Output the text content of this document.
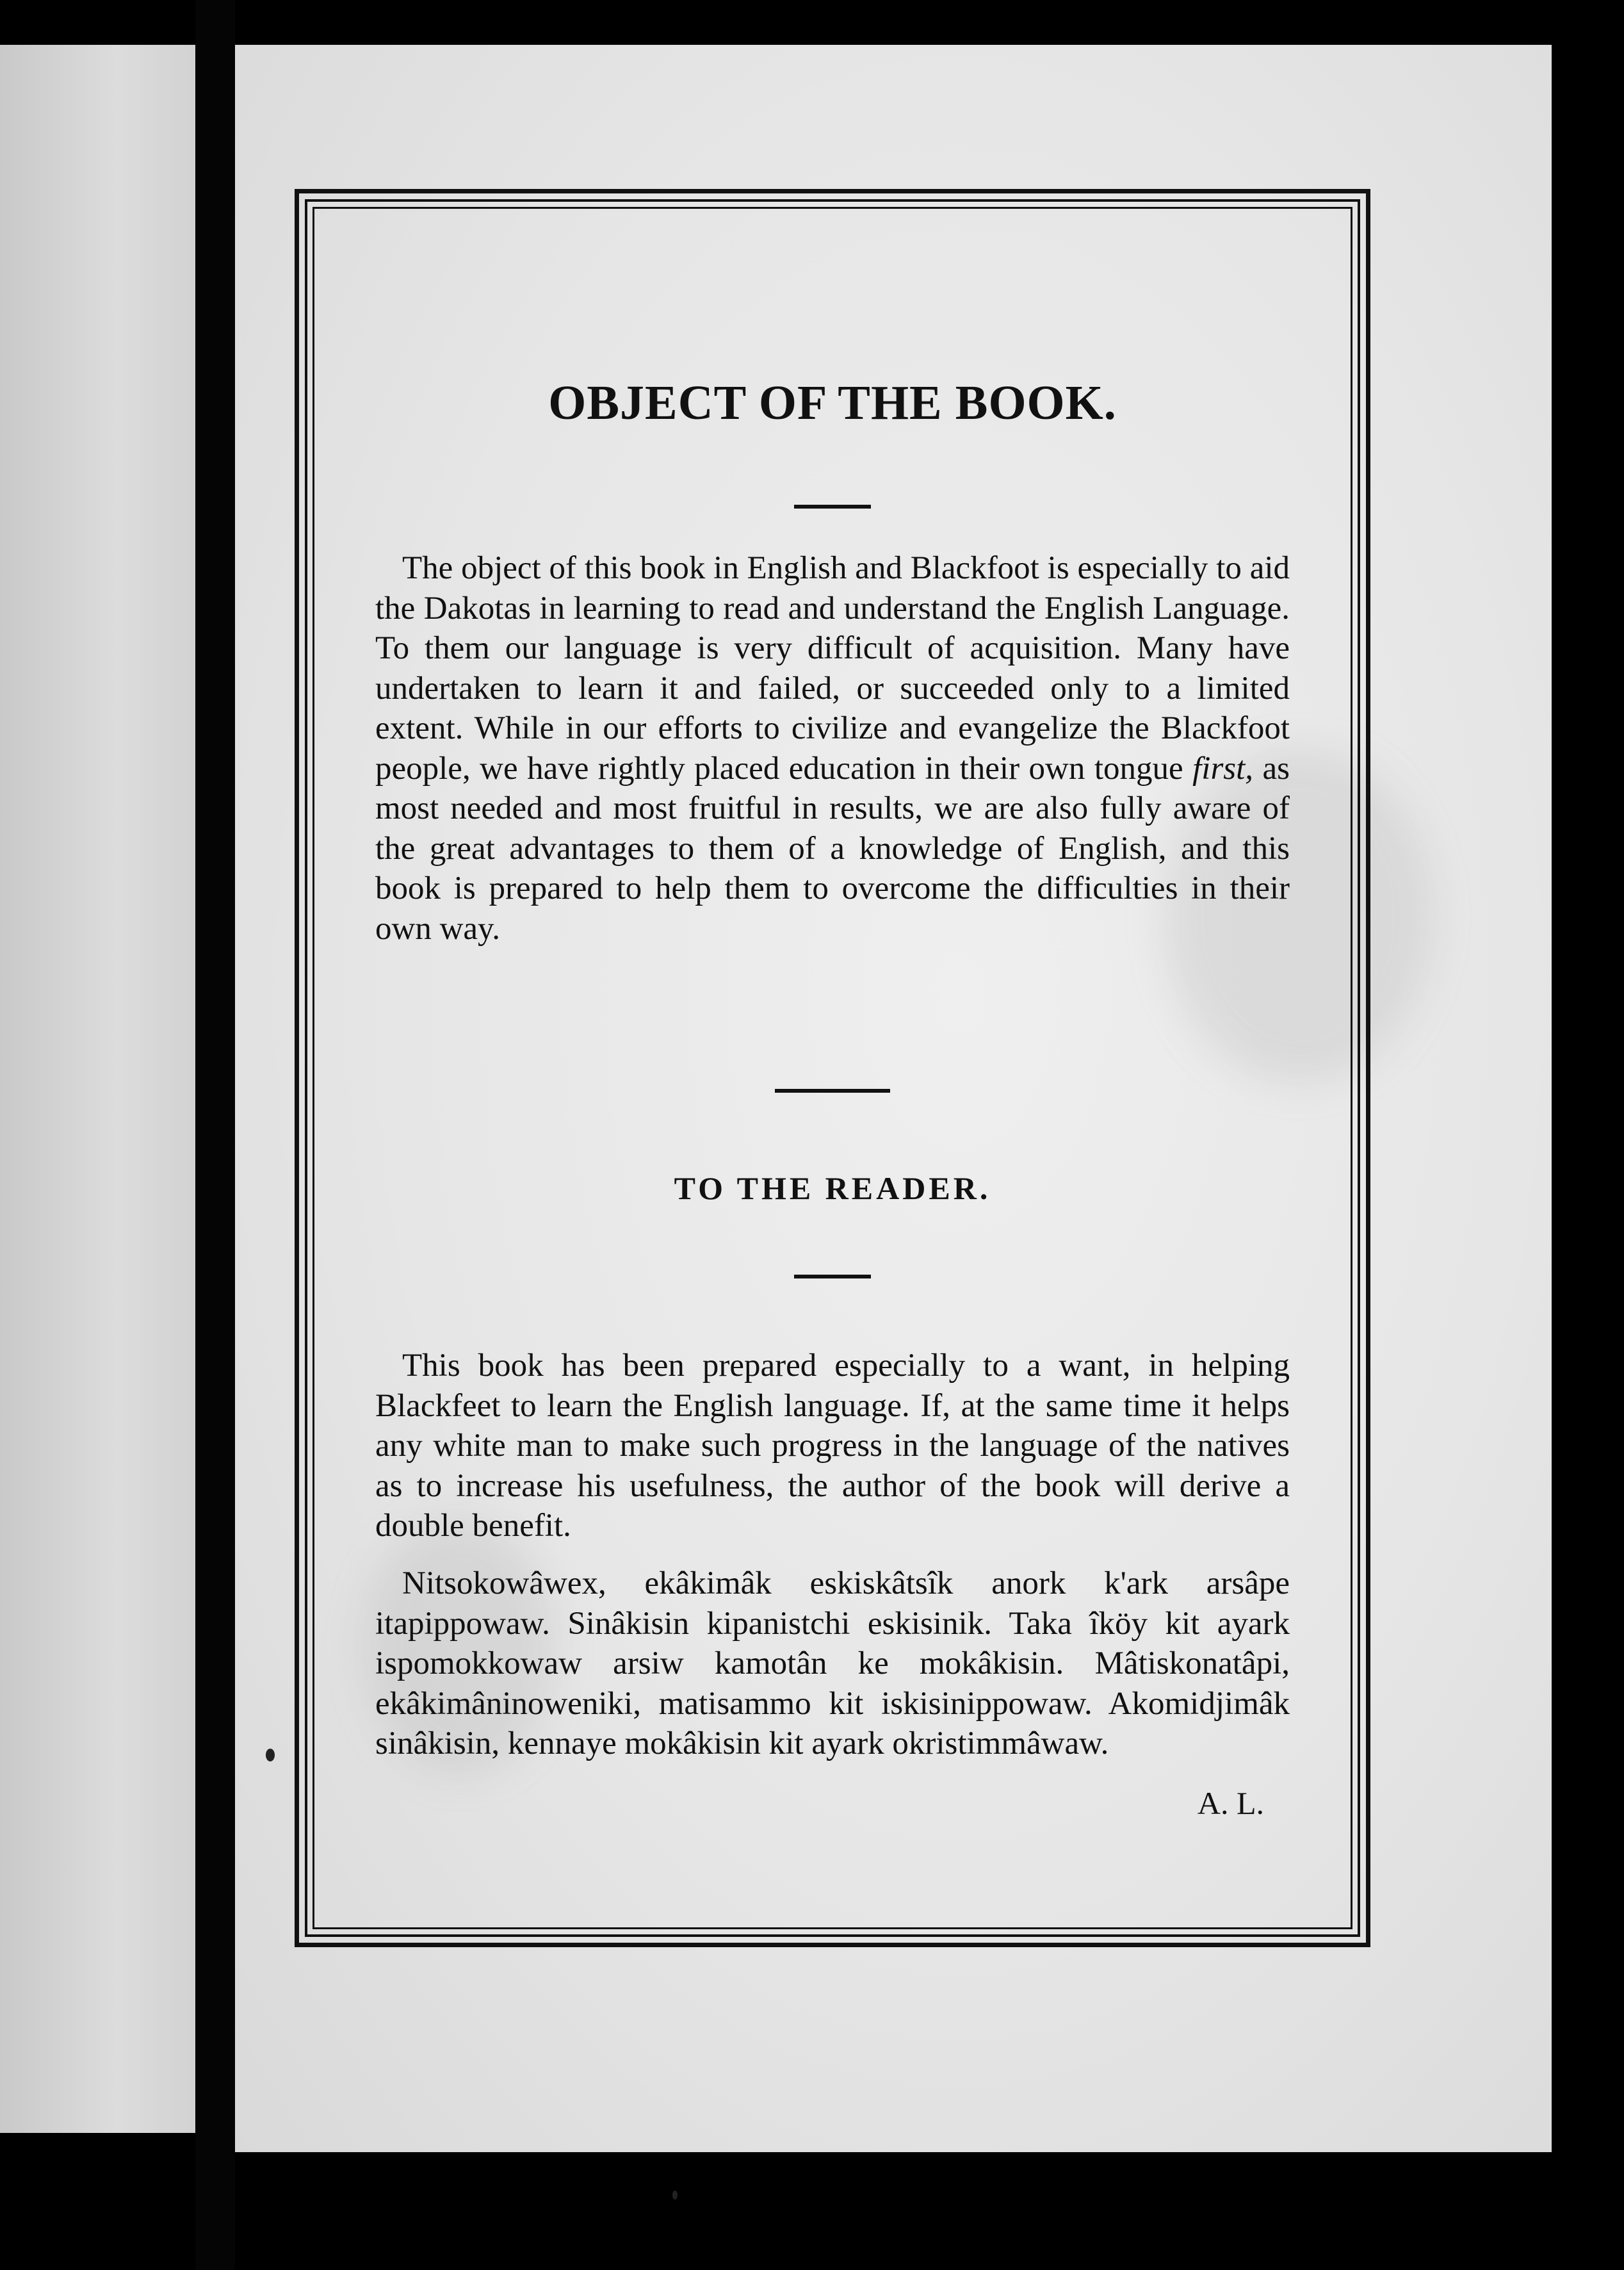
OBJECT OF THE BOOK.

The object of this book in English and Blackfoot is especially to aid the Dakotas in learning to read and understand the English Language. To them our language is very difficult of acquisition. Many have undertaken to learn it and failed, or succeeded only to a limited extent. While in our efforts to civilize and evangelize the Blackfoot people, we have rightly placed education in their own tongue first, as most needed and most fruitful in results, we are also fully aware of the great advantages to them of a knowledge of English, and this book is prepared to help them to overcome the difficulties in their own way.

TO THE READER.

This book has been prepared especially to a want, in helping Blackfeet to learn the English language. If, at the same time it helps any white man to make such progress in the language of the natives as to increase his usefulness, the author of the book will derive a double benefit.

Nitsokowâwex, ekâkimâk eskiskâtsîk anork k'ark arsâpe itapippowaw. Sinâkisin kipanistchi eskisinik. Taka îköy kit ayark ispomokkowaw arsiw kamotân ke mokâkisin. Mâtiskonatâpi, ekâkimâninoweniki, matisammo kit iskisinippowaw. Akomidjimâk sinâkisin, kennaye mokâkisin kit ayark okristimmâwaw.

A. L.
